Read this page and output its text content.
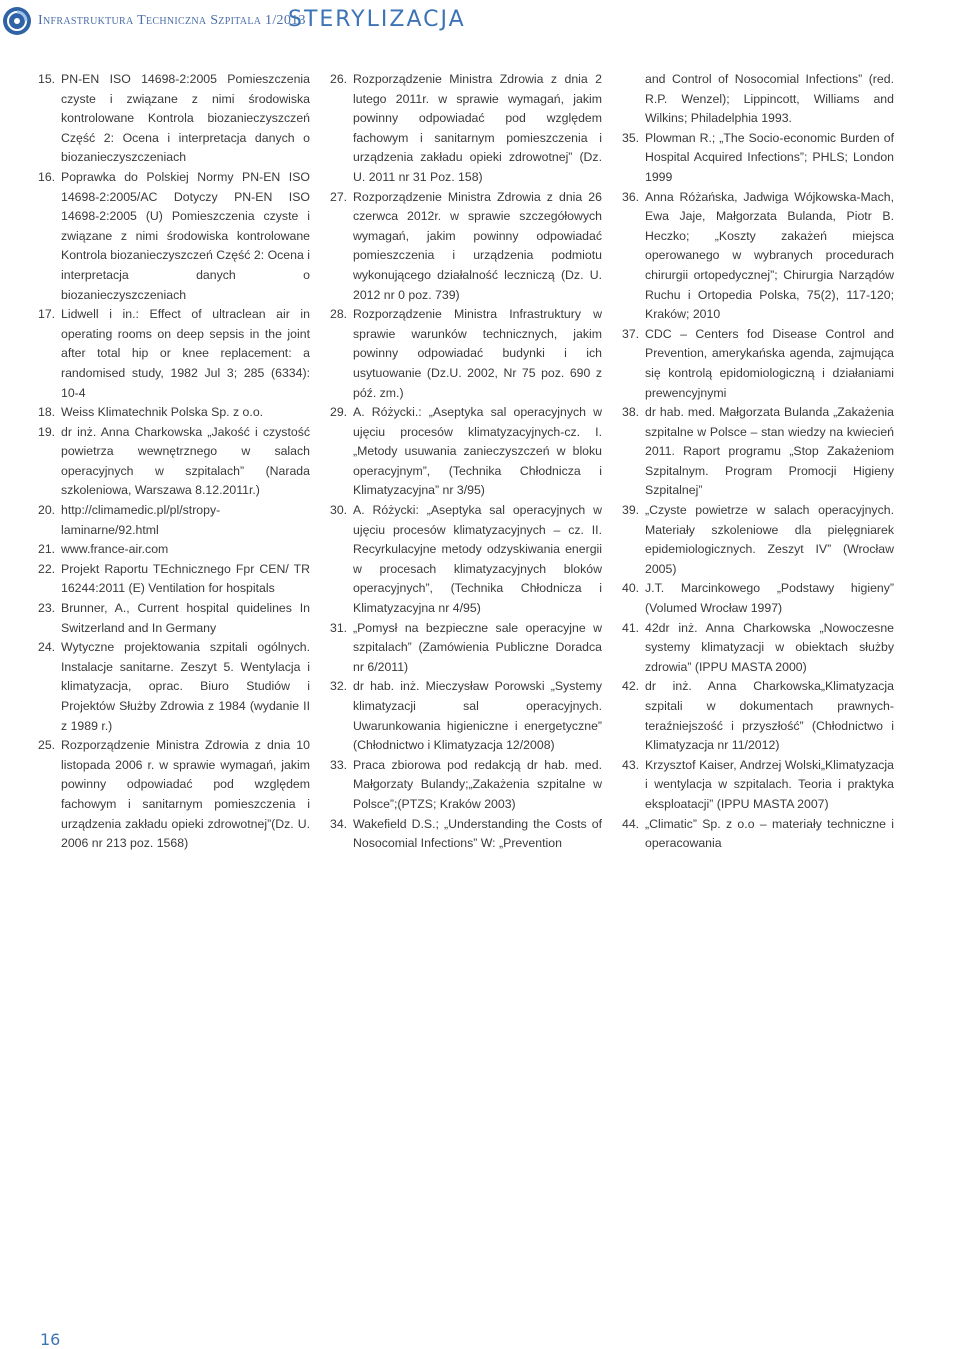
Infrastruktura Techniczna Szpitala 1/2013
STERYLIZACJA
15. PN-EN ISO 14698-2:2005 Pomieszczenia czyste i związane z nimi środowiska kontrolowane Kontrola biozanieczyszczeń Część 2: Ocena i interpretacja danych o biozanieczyszczeniach
16. Poprawka do Polskiej Normy PN-EN ISO 14698-2:2005/AC Dotyczy PN-EN ISO 14698-2:2005 (U) Pomieszczenia czyste i związane z nimi środowiska kontrolowane Kontrola biozanieczyszczeń Część 2: Ocena i interpretacja danych o biozanieczyszczeniach
17. Lidwell i in.: Effect of ultraclean air in operating rooms on deep sepsis in the joint after total hip or knee replacement: a randomised study, 1982 Jul 3; 285 (6334): 10-4
18. Weiss Klimatechnik Polska Sp. z o.o.
19. dr inż. Anna Charkowska „Jakość i czystość powietrza wewnętrznego w salach operacyjnych w szpitalach” (Narada szkoleniowa, Warszawa 8.12.2011r.)
20. http://climamedic.pl/pl/stropy-laminarne/92.html
21. www.france-air.com
22. Projekt Raportu TEchnicznego Fpr CEN/ TR 16244:2011 (E) Ventilation for hospitals
23. Brunner, A., Current hospital quidelines In Switzerland and In Germany
24. Wytyczne projektowania szpitali ogólnych. Instalacje sanitarne. Zeszyt 5. Wentylacja i klimatyzacja, oprac. Biuro Studiów i Projektów Służby Zdrowia z 1984 (wydanie II z 1989 r.)
25. Rozporządzenie Ministra Zdrowia z dnia 10 listopada 2006 r. w sprawie wymagań, jakim powinny odpowiadać pod względem fachowym i sanitarnym pomieszczenia i urządzenia zakładu opieki zdrowotnej”(Dz. U. 2006 nr 213 poz. 1568)
26. Rozporządzenie Ministra Zdrowia z dnia 2 lutego 2011r. w sprawie wymagań, jakim powinny odpowiadać pod względem fachowym i sanitarnym pomieszczenia i urządzenia zakładu opieki zdrowotnej” (Dz. U. 2011 nr 31 Poz. 158)
27. Rozporządzenie Ministra Zdrowia z dnia 26 czerwca 2012r. w sprawie szczegółowych wymagań, jakim powinny odpowiadać pomieszczenia i urządzenia podmiotu wykonującego działalność leczniczą (Dz. U. 2012 nr 0 poz. 739)
28. Rozporządzenie Ministra Infrastruktury w sprawie warunków technicznych, jakim powinny odpowiadać budynki i ich usytuowanie (Dz.U. 2002, Nr 75 poz. 690 z póź. zm.)
29. A. Różycki.: „Aseptyka sal operacyjnych w ujęciu procesów klimatyzacyjnych-cz. I. „Metody usuwania zanieczyszczeń w bloku operacyjnym”, (Technika Chłodnicza i Klimatyzacyjna” nr 3/95)
30. A. Różycki: „Aseptyka sal operacyjnych w ujęciu procesów klimatyzacyjnych – cz. II. Recyrkulacyjne metody odzyskiwania energii w procesach klimatyzacyjnych bloków operacyjnych”, (Technika Chłodnicza i Klimatyzacyjna nr 4/95)
31. „Pomysł na bezpieczne sale operacyjne w szpitalach” (Zamówienia Publiczne Doradca nr 6/2011)
32. dr hab. inż. Mieczysław Porowski „Systemy klimatyzacji sal operacyjnych. Uwarunkowania higieniczne i energetyczne” (Chłodnictwo i Klimatyzacja 12/2008)
33. Praca zbiorowa pod redakcją dr hab. med. Małgorzaty Bulandy;„Zakażenia szpitalne w Polsce”;(PTZS; Kraków 2003)
34. Wakefield D.S.; „Understanding the Costs of Nosocomial Infections” W: „Prevention
and Control of Nosocomial Infections” (red. R.P. Wenzel); Lippincott, Williams and Wilkins; Philadelphia 1993.
35. Plowman R.; „The Socio-economic Burden of Hospital Acquired Infections”; PHLS; London 1999
36. Anna Różańska, Jadwiga Wójkowska-Mach, Ewa Jaje, Małgorzata Bulanda, Piotr B. Heczko; „Koszty zakażeń miejsca operowanego w wybranych procedurach chirurgii ortopedycznej”; Chirurgia Narządów Ruchu i Ortopedia Polska, 75(2), 117-120; Kraków; 2010
37. CDC – Centers fod Disease Control and Prevention, amerykańska agenda, zajmująca się kontrolą epidomiologiczną i działaniami prewencyjnymi
38. dr hab. med. Małgorzata Bulanda „Zakażenia szpitalne w Polsce – stan wiedzy na kwiecień 2011. Raport programu „Stop Zakażeniom Szpitalnym. Program Promocji Higieny Szpitalnej”
39. „Czyste powietrze w salach operacyjnych. Materiały szkoleniowe dla pielęgniarek epidemiologicznych. Zeszyt IV” (Wrocław 2005)
40. J.T. Marcinkowego „Podstawy higieny” (Volumed Wrocław 1997)
41. 42dr inż. Anna Charkowska „Nowoczesne systemy klimatyzacji w obiektach służby zdrowia” (IPPU MASTA 2000)
42. dr inż. Anna Charkowska„Klimatyzacja szpitali w dokumentach prawnych- teraźniejszość i przyszłość” (Chłodnictwo i Klimatyzacja nr 11/2012)
43. Krzysztof Kaiser, Andrzej Wolski„Klimatyzacja i wentylacja w szpitalach. Teoria i praktyka eksploatacji” (IPPU MASTA 2007)
44. „Climatic” Sp. z o.o – materiały techniczne i operacowania
16
